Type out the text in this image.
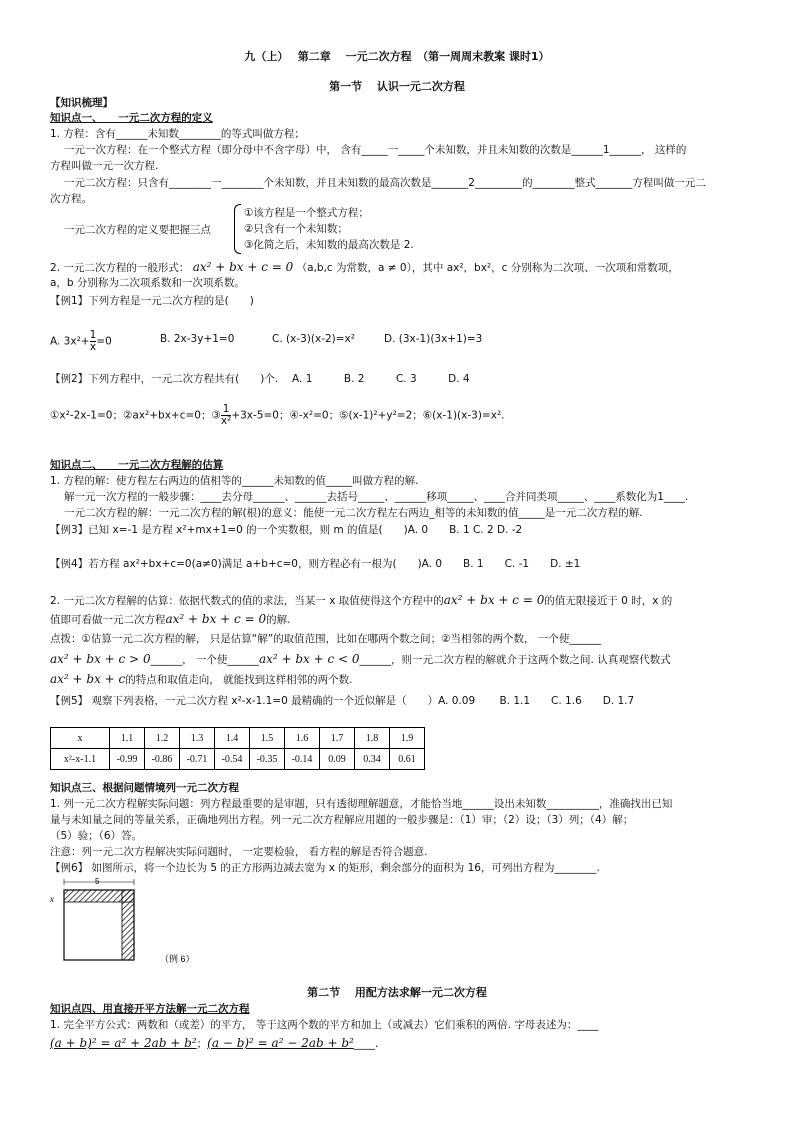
九（上）　 第二章　 一元二次方程　（第一周周末教案 课时1）
第一节　 认识一元二次方程
【知识梳理】
知识点一、　　一元二次方程的定义
1. 方程：含有______未知数________的等式叫做方程；
一元一次方程：在一个整式方程（即分母中不含字母）中， 含有_____一_____个未知数，并且未知数的次数是______1______， 这样的
方程叫做一元一次方程.
一元二次方程：只含有________一________个未知数，并且未知数的最高次数是_______2_________的________整式_______方程叫做一元二
次方程。
一元二次方程的定义要把握三点
①该方程是一个整式方程；
②只含有一个未知数；
③化简之后，未知数的最高次数是 2.
2. 一元二次方程的一般形式： ax² + bx + c = 0 （a,b,c 为常数，a ≠ 0），其中 ax²，bx²，c 分别称为二次项、一次项和常数项，
a，b 分别称为二次项系数和一次项系数。
【例1】下列方程是一元二次方程的是(　　)
A. $3x^2+ \frac{1}{x} =0$	B. 2x-3y+1=0	C. (x-3)(x-2)=x²	D. (3x-1)(3x+1)=3
【例2】下列方程中，一元二次方程共有(　　)个.　 A. 1　　　B. 2　　　C. 3　　　D. 4
①x²-2x-1=0；②ax²+bx+c=0；③ $\frac{1}{\text{x²}} +3x-5=0$；④-x²=0；⑤(x-1)²+y²=2；⑥(x-1)(x-3)=x².
知识点二、　　一元二次方程解的估算
1. 方程的解：使方程左右两边的值相等的______未知数的值_____叫做方程的解.
解一元一次方程的一般步骤：____去分母______、______去括号_____、______移项_____、____合并同类项_____、____系数化为1____.
一元二次方程的解：一元二次方程的解(根)的意义：能使一元二次方程左右两边_相等的未知数的值_____是一元二次方程的解.
【例3】已知 x=-1 是方程 x²+mx+1=0 的一个实数根，则 m 的值是(　　)A. 0　　B. 1 C. 2 D. -2
【例4】若方程 ax²+bx+c=0(a≠0)满足 a+b+c=0，则方程必有一根为(　　)A. 0　　B. 1　　C. -1　　D. ±1
2. 一元二次方程解的估算：依据代数式的值的求法，当某一 x 取值使得这个方程中的ax² + bx + c = 0的值无限接近于 0 时，x 的
值即可看做一元二次方程ax² + bx + c = 0的解.
点拨：①估算一元二次方程的解， 只是估算“解”的取值范围，比如在哪两个数之间；②当相邻的两个数， 一个使______
ax² + bx + c > 0______， 一个使______ax² + bx + c < 0______，则一元二次方程的解就介于这两个数之间. 认真观察代数式
ax² + bx + c的特点和取值走向， 就能找到这样相邻的两个数.
【例5】 观察下列表格，一元二次方程 x²-x-1.1=0 最精确的一个近似解是（　　）A. 0.09　　 B. 1.1　　C. 1.6　　D. 1.7
x	1.1	1.2	1.3	1.4	1.5	1.6	1.7	1.8	1.9
x²-x-1.1	-0.99	-0.86	-0.71	-0.54	-0.35	-0.14	0.09	0.34	0.61
知识点三、根据问题情境列一元二次方程
1. 列一元二次方程解实际问题：列方程最重要的是审题，只有透彻理解题意，才能恰当地______设出未知数__________，准确找出已知
量与未知量之间的等量关系，正确地列出方程。列一元二次方程解应用题的一般步骤是：（1）审；（2）设；（3）列；（4）解；
（5）验；（6）答。
注意：列一元二次方程解决实际问题时， 一定要检验， 看方程的解是否符合题意.
【例6】 如图所示，将一个边长为 5 的正方形两边减去宽为 x 的矩形，剩余部分的面积为 16，可列出方程为________.
5
x
（例 6）
第二节　 用配方法求解一元二次方程
知识点四、用直接开平方法解一元二次方程
1. 完全平方公式：两数和（或差）的平方， 等于这两个数的平方和加上（或减去）它们乘积的两倍. 字母表述为：____
(a + b)² = a² + 2ab + b²；(a − b)² = a² − 2ab + b²____.
